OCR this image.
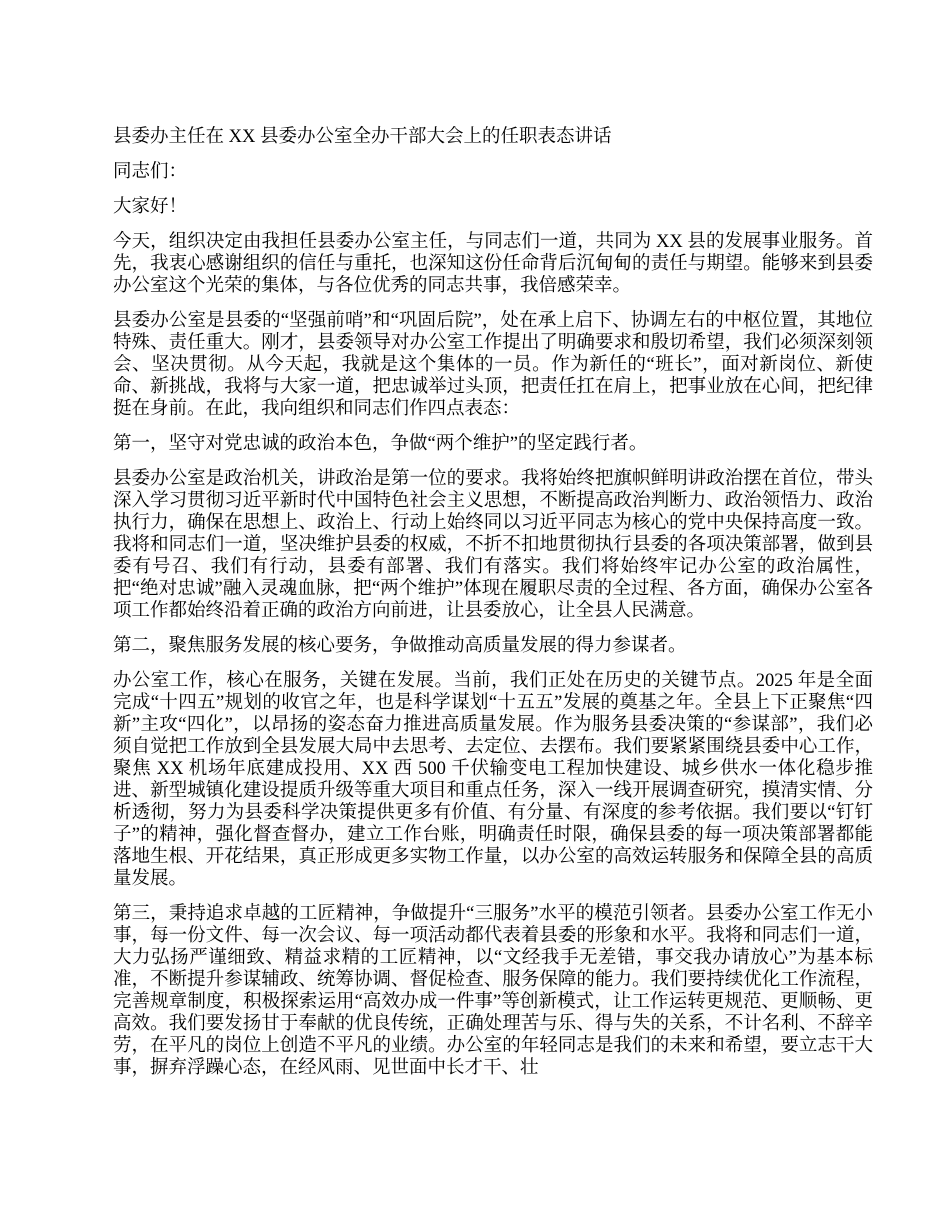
县委办主任在 XX 县委办公室全办干部大会上的任职表态讲话

同志们：

大家好！

今天，组织决定由我担任县委办公室主任，与同志们一道，共同为 XX 县的发展事业服务。首先，我衷心感谢组织的信任与重托，也深知这份任命背后沉甸甸的责任与期望。能够来到县委办公室这个光荣的集体，与各位优秀的同志共事，我倍感荣幸。

县委办公室是县委的“坚强前哨”和“巩固后院”，处在承上启下、协调左右的中枢位置，其地位特殊、责任重大。刚才，县委领导对办公室工作提出了明确要求和殷切希望，我们必须深刻领会、坚决贯彻。从今天起，我就是这个集体的一员。作为新任的“班长”，面对新岗位、新使命、新挑战，我将与大家一道，把忠诚举过头顶，把责任扛在肩上，把事业放在心间，把纪律挺在身前。在此，我向组织和同志们作四点表态：

第一，坚守对党忠诚的政治本色，争做“两个维护”的坚定践行者。

县委办公室是政治机关，讲政治是第一位的要求。我将始终把旗帜鲜明讲政治摆在首位，带头深入学习贯彻习近平新时代中国特色社会主义思想，不断提高政治判断力、政治领悟力、政治执行力，确保在思想上、政治上、行动上始终同以习近平同志为核心的党中央保持高度一致。我将和同志们一道，坚决维护县委的权威，不折不扣地贯彻执行县委的各项决策部署，做到县委有号召、我们有行动，县委有部署、我们有落实。我们将始终牢记办公室的政治属性，把“绝对忠诚”融入灵魂血脉，把“两个维护”体现在履职尽责的全过程、各方面，确保办公室各项工作都始终沿着正确的政治方向前进，让县委放心，让全县人民满意。

第二，聚焦服务发展的核心要务，争做推动高质量发展的得力参谋者。

办公室工作，核心在服务，关键在发展。当前，我们正处在历史的关键节点。2025 年是全面完成“十四五”规划的收官之年，也是科学谋划“十五五”发展的奠基之年。全县上下正聚焦“四新”主攻“四化”，以昂扬的姿态奋力推进高质量发展。作为服务县委决策的“参谋部”，我们必须自觉把工作放到全县发展大局中去思考、去定位、去摆布。我们要紧紧围绕县委中心工作，聚焦 XX 机场年底建成投用、XX 西 500 千伏输变电工程加快建设、城乡供水一体化稳步推进、新型城镇化建设提质升级等重大项目和重点任务，深入一线开展调查研究，摸清实情、分析透彻，努力为县委科学决策提供更多有价值、有分量、有深度的参考依据。我们要以“钉钉子”的精神，强化督查督办，建立工作台账，明确责任时限，确保县委的每一项决策部署都能落地生根、开花结果，真正形成更多实物工作量，以办公室的高效运转服务和保障全县的高质量发展。

第三，秉持追求卓越的工匠精神，争做提升“三服务”水平的模范引领者。县委办公室工作无小事，每一份文件、每一次会议、每一项活动都代表着县委的形象和水平。我将和同志们一道，大力弘扬严谨细致、精益求精的工匠精神，以“文经我手无差错，事交我办请放心”为基本标准，不断提升参谋辅政、统筹协调、督促检查、服务保障的能力。我们要持续优化工作流程，完善规章制度，积极探索运用“高效办成一件事”等创新模式，让工作运转更规范、更顺畅、更高效。我们要发扬甘于奉献的优良传统，正确处理苦与乐、得与失的关系，不计名利、不辞辛劳，在平凡的岗位上创造不平凡的业绩。办公室的年轻同志是我们的未来和希望，要立志干大事，摒弃浮躁心态，在经风雨、见世面中长才干、壮
